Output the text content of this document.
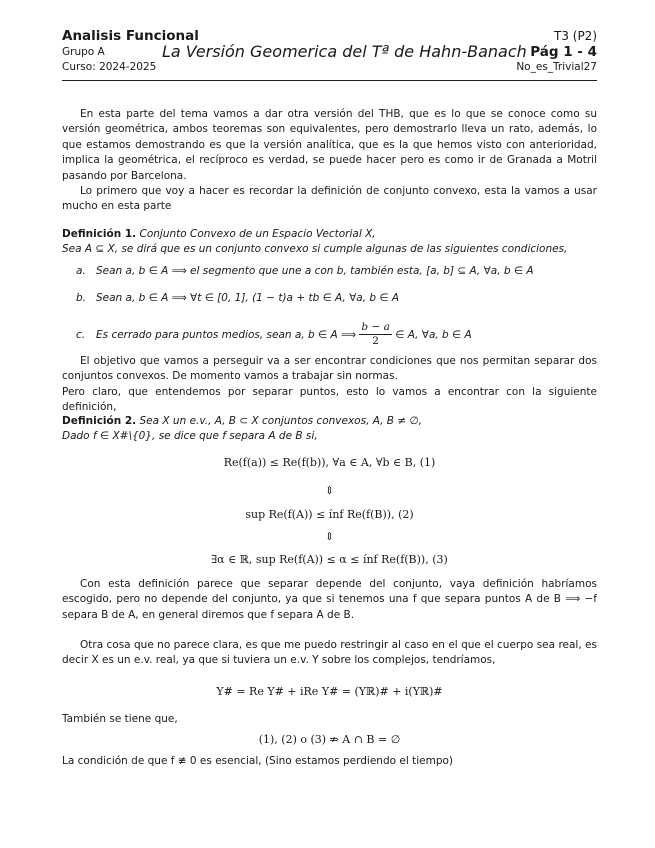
Analisis Funcional
Grupo A
Curso: 2024-2025
La Versión Geomerica del Tª de Hahn-Banach
T3 (P2)
Pág 1 - 4
No_es_Trivial27

En esta parte del tema vamos a dar otra versión del THB, que es lo que se conoce como su versión geométrica, ambos teoremas son equivalentes, pero demostrarlo lleva un rato, además, lo que estamos demostrando es que la versión analítica, que es la que hemos visto con anterioridad, implica la geométrica, el recíproco es verdad, se puede hacer pero es como ir de Granada a Motril pasando por Barcelona.

Lo primero que voy a hacer es recordar la definición de conjunto convexo, esta la vamos a usar mucho en esta parte

Definición 1. Conjunto Convexo de un Espacio Vectorial X,

Sea A ⊆ X, se dirá que es un conjunto convexo si cumple algunas de las siguientes condiciones,

a. Sean a, b ∈ A ⟹ el segmento que une a con b, también esta, [a, b] ⊆ A, ∀a, b ∈ A
b. Sean a, b ∈ A ⟹ ∀t ∈ [0, 1], (1 − t)a + tb ∈ A, ∀a, b ∈ A
c. Es cerrado para puntos medios, sean a, b ∈ A ⟹ $\frac{b - a}{2}$ ∈ A, ∀a, b ∈ A

El objetivo que vamos a perseguir va a ser encontrar condiciones que nos permitan separar dos conjuntos convexos. De momento vamos a trabajar sin normas.

Pero claro, que entendemos por separar puntos, esto lo vamos a encontrar con la siguiente definición,

Definición 2. Sea X un e.v., A, B ⊂ X conjuntos convexos, A, B ≠ ∅,

Dado f ∈ X#\{0}, se dice que f separa A de B si,

Re(f(a)) ≤ Re(f(b)), ∀a ∈ A, ∀b ∈ B, (1)
⇕
sup Re(f(A)) ≤ ínf Re(f(B)), (2)
⇕
∃α ∈ ℝ, sup Re(f(A)) ≤ α ≤ ínf Re(f(B)), (3)

Con esta definición parece que separar depende del conjunto, vaya definición habríamos escogido, pero no depende del conjunto, ya que si tenemos una f que separa puntos A de B ⟹ −f separa B de A, en general diremos que f separa A de B.

Otra cosa que no parece clara, es que me puedo restringir al caso en el que el cuerpo sea real, es decir X es un e.v. real, ya que si tuviera un e.v. Y sobre los complejos, tendríamos,

Y# = Re Y# + iRe Y# = (Yℝ)# + i(Yℝ)#

También se tiene que,

(1), (2) o (3) ⇏ A ∩ B = ∅

La condición de que f ≢ 0 es esencial, (Sino estamos perdiendo el tiempo)
